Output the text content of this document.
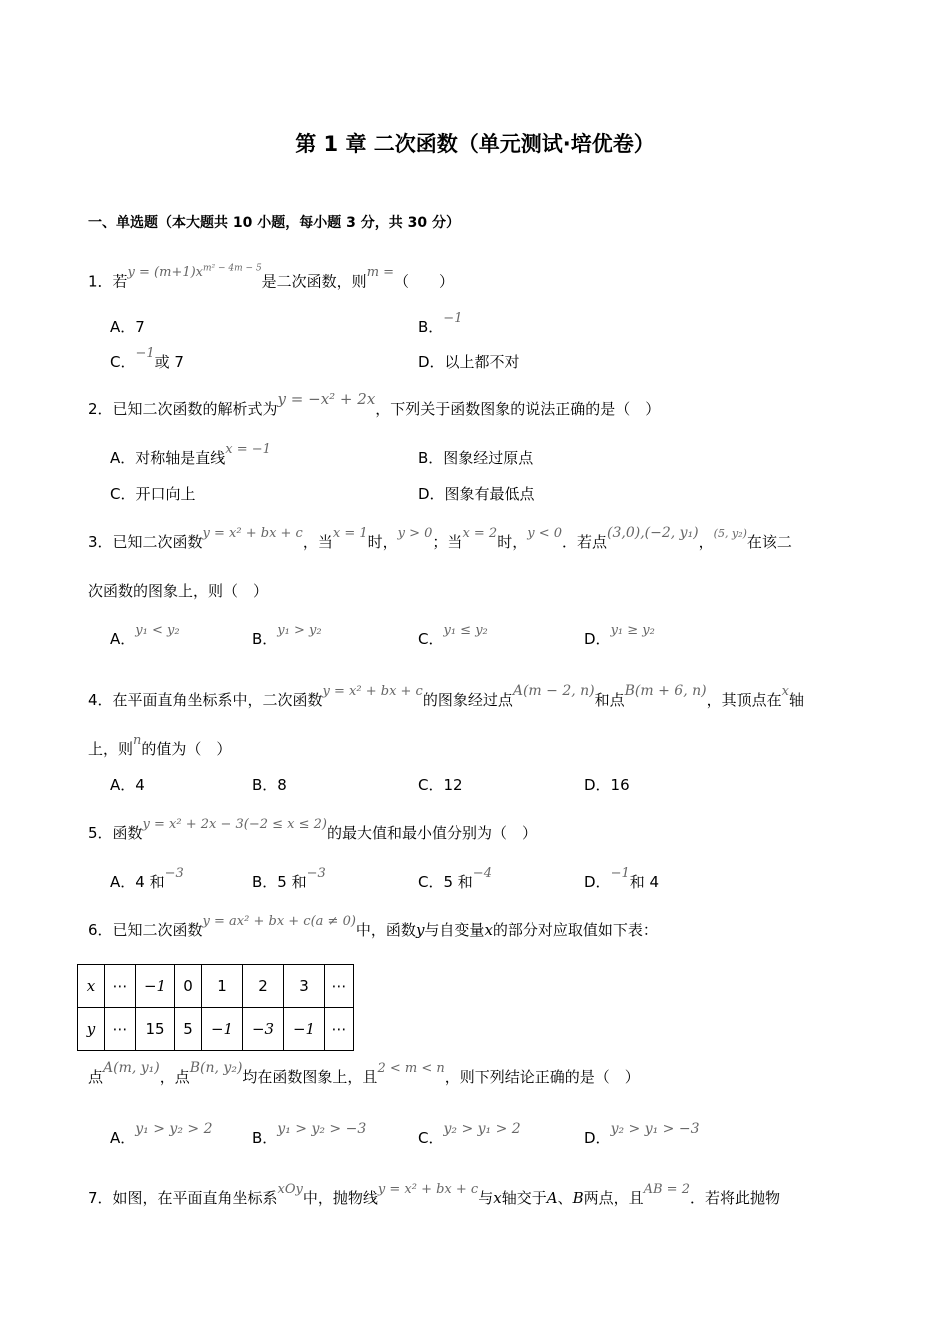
第 1 章 二次函数（单元测试·培优卷）
一、单选题（本大题共 10 小题，每小题 3 分，共 30 分）
1．若$y = (m+1)x^{m^2 - 4m - 5}$是二次函数，则m =（　　）
A．7	B．−1
C．−1或 7	D．以上都不对
2．已知二次函数的解析式为y = −x² + 2x，下列关于函数图象的说法正确的是（　）
A．对称轴是直线x = −1	B．图象经过原点
C．开口向上	D．图象有最低点
3．已知二次函数y = x² + bx + c，当x = 1时，y > 0；当x = 2时，y < 0．若点(3,0),(−2, y₁)，$^{(5, y_2)}$在该二
次函数的图象上，则（　）
A．y₁ < y₂	B．y₁ > y₂	C．y₁ ≤ y₂	D．y₁ ≥ y₂
4．在平面直角坐标系中，二次函数y = x² + bx + c的图象经过点A(m − 2, n)和点B(m + 6, n)，其顶点在x轴
上，则n的值为（　）
A．4	B．8	C．12	D．16
5．函数y = x² + 2x − 3(−2 ≤ x ≤ 2)的最大值和最小值分别为（　）
A．4 和−3	B．5 和−3	C．5 和−4	D．−1和 4
6．已知二次函数y = ax² + bx + c(a ≠ 0)中，函数y与自变量x的部分对应取值如下表：
x	⋯	−1	0	1	2	3	⋯
y	⋯	15	5	−1	−3	−1	⋯
点A(m, y₁)，点B(n, y₂)均在函数图象上，且2 < m < n，则下列结论正确的是（　）
A．y₁ > y₂ > 2	B．y₁ > y₂ > −3	C．y₂ > y₁ > 2	D．y₂ > y₁ > −3
7．如图，在平面直角坐标系xOy中，抛物线y = x² + bx + c与x轴交于A、B两点，且AB = 2．若将此抛物
